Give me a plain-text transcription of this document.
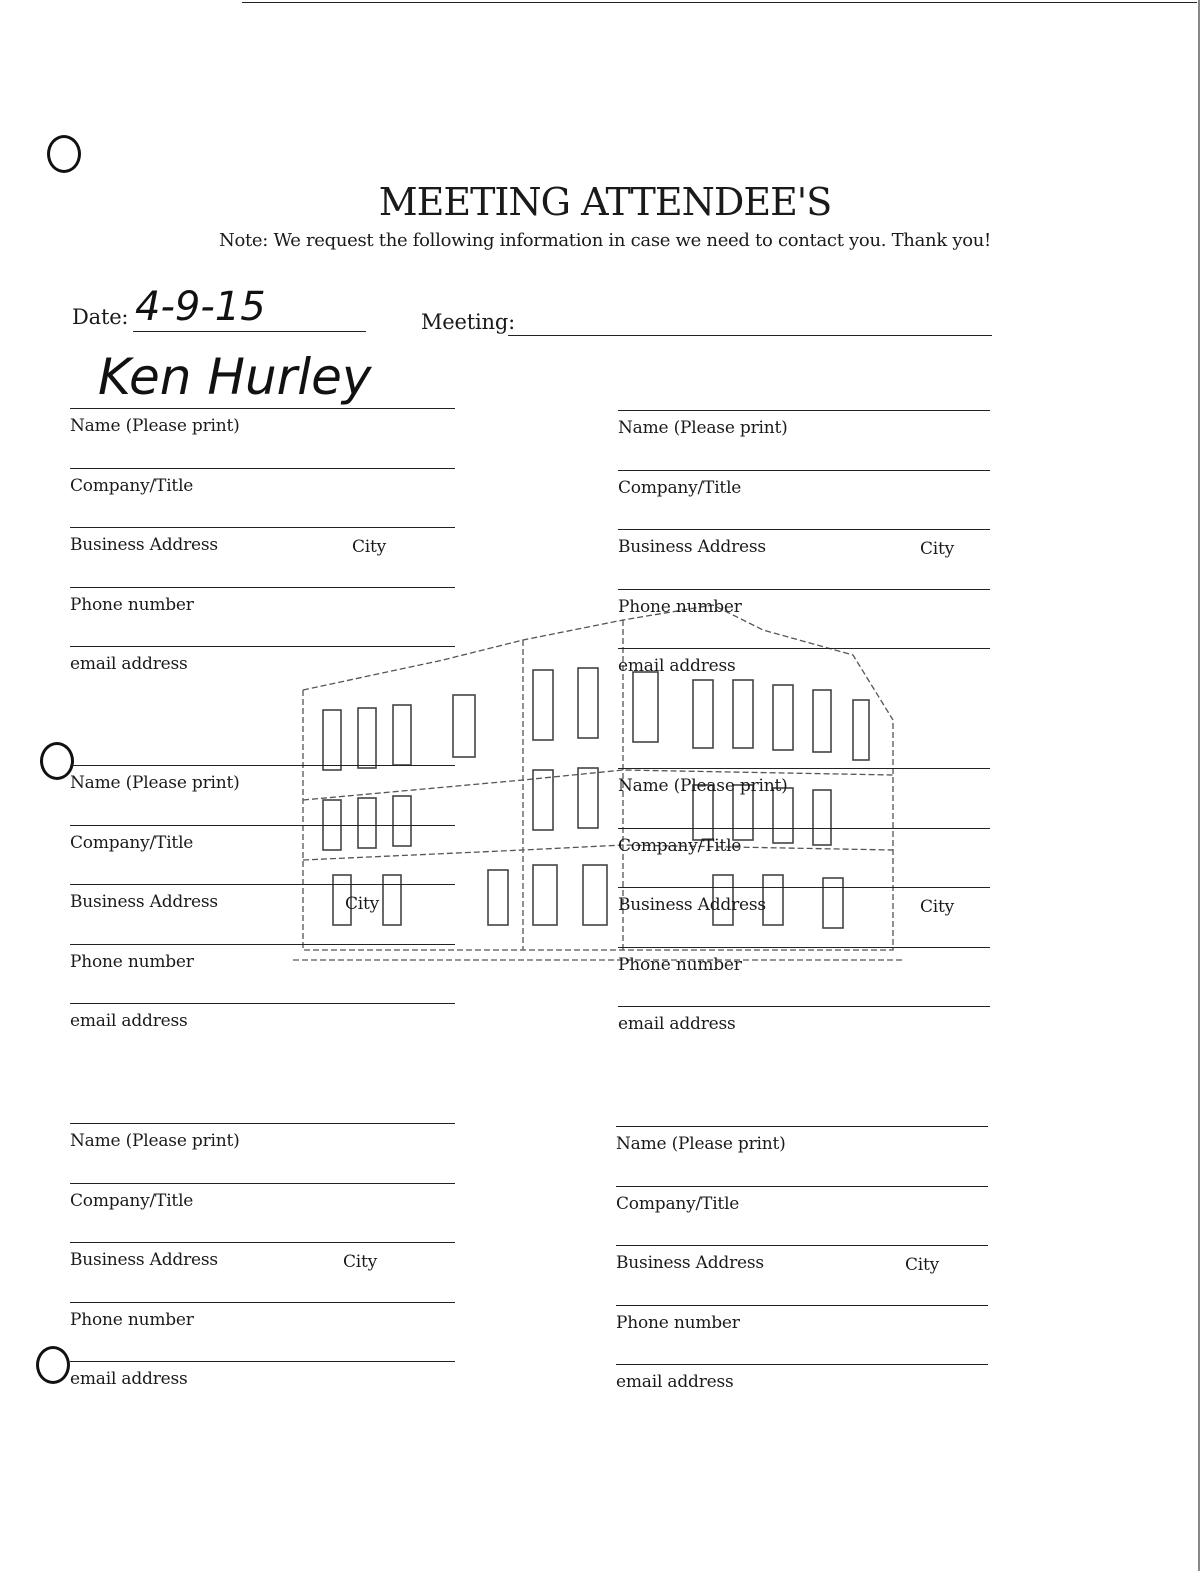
MEETING ATTENDEE'S
Note: We request the following information in case we need to contact you. Thank you!
Date: 4-9-15	Meeting:
Ken Hurley
Name (Please print)
Company/Title
Business Address	City
Phone number
email address
Name (Please print)
Company/Title
Business Address	City
Phone number
email address
Name (Please print)
Company/Title
Business Address	City
Phone number
email address
Name (Please print)
Company/Title
Business Address	City
Phone number
email address
Name (Please print)
Company/Title
Business Address	City
Phone number
email address
Name (Please print)
Company/Title
Business Address	City
Phone number
email address
